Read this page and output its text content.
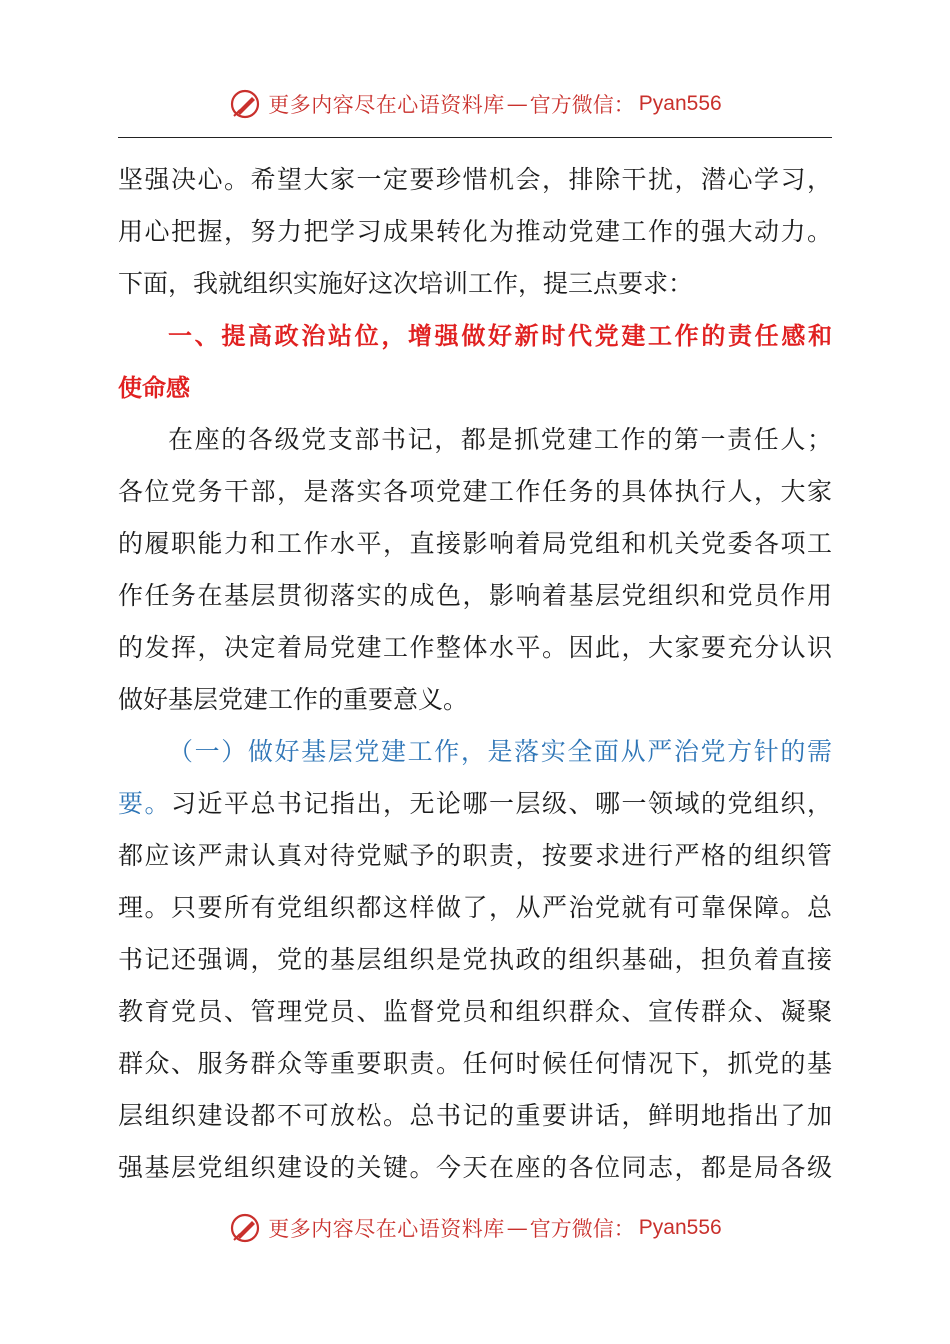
更多内容尽在心语资料库 — 官方微信： Pyan556
坚强决心。希望大家一定要珍惜机会，排除干扰，潜心学习，
用心把握，努力把学习成果转化为推动党建工作的强大动力。
下面，我就组织实施好这次培训工作，提三点要求：
一、提高政治站位，增强做好新时代党建工作的责任感和
使命感
在座的各级党支部书记，都是抓党建工作的第一责任人；
各位党务干部，是落实各项党建工作任务的具体执行人，大家
的履职能力和工作水平，直接影响着局党组和机关党委各项工
作任务在基层贯彻落实的成色，影响着基层党组织和党员作用
的发挥，决定着局党建工作整体水平。因此，大家要充分认识
做好基层党建工作的重要意义。
（一）做好基层党建工作，是落实全面从严治党方针的需
要。习近平总书记指出，无论哪一层级、哪一领域的党组织，
都应该严肃认真对待党赋予的职责，按要求进行严格的组织管
理。只要所有党组织都这样做了，从严治党就有可靠保障。总
书记还强调，党的基层组织是党执政的组织基础，担负着直接
教育党员、管理党员、监督党员和组织群众、宣传群众、凝聚
群众、服务群众等重要职责。任何时候任何情况下，抓党的基
层组织建设都不可放松。总书记的重要讲话，鲜明地指出了加
强基层党组织建设的关键。今天在座的各位同志，都是局各级
更多内容尽在心语资料库 — 官方微信： Pyan556
